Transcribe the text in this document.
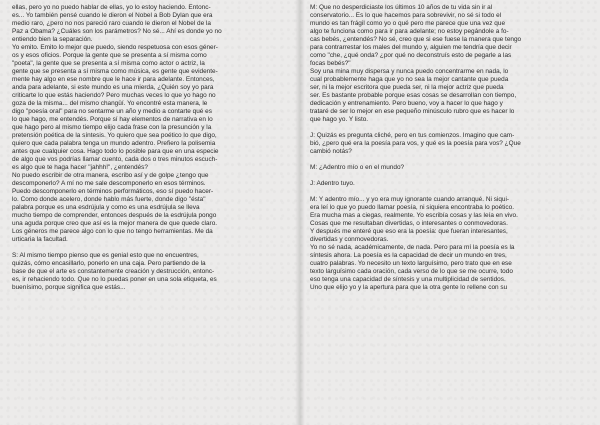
ellas, pero yo no puedo hablar de ellas, yo lo estoy haciendo. Entonc-
es... Yo también pensé cuando le dieron el Nobel a Bob Dylan que era
medio raro, ¿pero no nos pareció raro cuando le dieron el Nobel de la
Paz a Obama? ¿Cuáles son los parámetros? No sé... Ahí es donde yo no
entiendo bien la separación.
Yo emito. Emito lo mejor que puedo, siendo respetuosa con esos géner-
os y esos oficios. Porque la gente que se presenta a sí misma como
"poeta", la gente que se presenta a sí misma como actor o actriz, la
gente que se presenta a sí misma como música, es gente que evidente-
mente hay algo en ese nombre que le hace ir para adelante. Entonces,
anda para adelante, si este mundo es una mierda, ¿Quién soy yo para
criticarte lo que estás haciendo? Pero muchas veces lo que yo hago no
goza de la misma... del mismo changüí. Yo encontré esta manera, le
digo "poesía oral" para no sentarme un año y medio a contarte qué es
lo que hago, me entendés. Porque sí hay elementos de narrativa en lo
que hago pero al mismo tiempo elijo cada frase con la presunción y la
pretensión poética de la síntesis. Yo quiero que sea poético lo que digo,
quiero que cada palabra tenga un mundo adentro. Prefiero la polisemia
antes que cualquier cosa. Hago todo lo posible para que en una especie
de algo que vos podrías llamar cuento, cada dos o tres minutos escuch-
es algo que te haga hacer "jahhh!", ¿entendés?
No puedo escribir de otra manera, escribo así y de golpe ¿tengo que
descomponerlo? A mí no me sale descomponerlo en esos términos.
Puedo descomponerlo en términos performáticos, eso sí puedo hacer-
lo. Como donde acelero, donde hablo más fuerte, donde digo "ésta"
palabra porque es una esdrújula y como es una esdrújula se lleva
mucho tiempo de comprender, entonces después de la esdrújula pongo
una aguda porque creo que así es la mejor manera de que quede claro.
Los géneros me parece algo con lo que no tengo herramientas. Me da
urticaria la facultad.

S: Al mismo tiempo pienso que es genial esto que no encuentres,
quizás, cómo encasillarlo, ponerlo en una caja. Pero partiendo de la
base de que el arte es constantemente creación y destrucción, entonc-
es, ir rehaciendo todo. Que no lo puedas poner en una sola etiqueta, es
buenísimo, porque significa que estás...

M: Que no desperdiciaste los últimos 10 años de tu vida sin ir al
conservatorio... Es lo que hacemos para sobrevivir, no sé si todo el
mundo es tan frágil como yo o qué pero me parece que una vez que
algo te funciona como para ir para adelante; no estoy pegándole a fo-
cas bebés, ¿entendés? No sé, creo que si ese fuese la manera que tengo
para contrarrestar los males del mundo y, alguien me tendría que decir
como "che, ¿qué onda? ¿por qué no deconstruís esto de pegarle a las
focas bebés?"
Soy una mina muy dispersa y nunca puedo concentrarme en nada, lo
cual probablemente haga que yo no sea la mejor cantante que pueda
ser, ni la mejor escritora que pueda ser, ni la mejor actriz que pueda
ser. Es bastante probable porque esas cosas se desarrollan con tiempo,
dedicación y entrenamiento. Pero bueno, voy a hacer lo que hago y
trataré de ser lo mejor en ese pequeño minúsculo rubro que es hacer lo
que hago yo. Y listo.

J: Quizás es pregunta cliché, pero en tus comienzos. Imagino que cam-
bió, ¿pero qué era la poesía para vos, y qué es la poesía para vos? ¿Que
cambió notás?

M: ¿Adentro mío o en el mundo?

J: Adentro tuyo.

M: Y adentro mío... y yo era muy ignorante cuando arranqué. Ni siqui-
era leí lo que yo puedo llamar poesía, ni siquiera encontraba lo poético.
Era mucha mas a ciegas, realmente. Yo escribía cosas y las leía en vivo.
Cosas que me resultaban divertidas, o interesantes o conmovedoras.
Y después me enteré que eso era la poesía: que fueran interesantes,
divertidas y conmovedoras.
Yo no sé nada, académicamente, de nada. Pero para mí la poesía es la
síntesis ahora. La poesía es la capacidad de decir un mundo en tres,
cuatro palabras. Yo necesito un texto larguísimo, pero trato que en ese
texto larguísimo cada oración, cada verso de lo que se me ocurre, todo
eso tenga una capacidad de síntesis y una multiplicidad de sentidos.
Uno que elijo yo y la apertura para que la otra gente lo rellene con su
